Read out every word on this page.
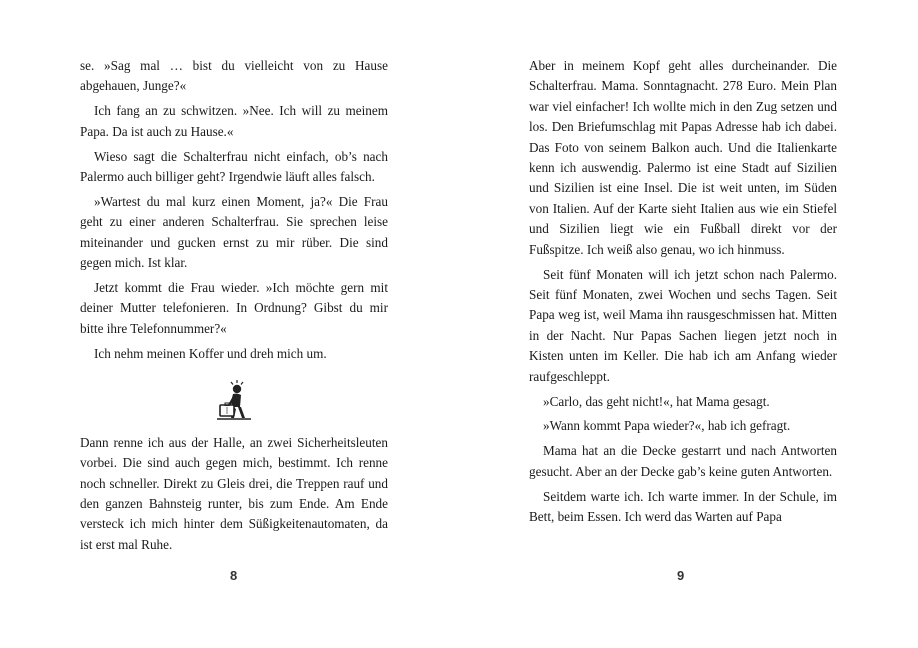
se. »Sag mal … bist du vielleicht von zu Hause abgehauen, Junge?«

Ich fang an zu schwitzen. »Nee. Ich will zu meinem Papa. Da ist auch zu Hause.«

Wieso sagt die Schalterfrau nicht einfach, ob’s nach Palermo auch billiger geht? Irgendwie läuft alles falsch.

»Wartest du mal kurz einen Moment, ja?« Die Frau geht zu einer anderen Schalterfrau. Sie sprechen leise miteinander und gucken ernst zu mir rüber. Die sind gegen mich. Ist klar.

Jetzt kommt die Frau wieder. »Ich möchte gern mit deiner Mutter telefonieren. In Ordnung? Gibst du mir bitte ihre Telefonnummer?«

Ich nehm meinen Koffer und dreh mich um.

Dann renne ich aus der Halle, an zwei Sicherheitsleuten vorbei. Die sind auch gegen mich, bestimmt. Ich renne noch schneller. Direkt zu Gleis drei, die Treppen rauf und den ganzen Bahnsteig runter, bis zum Ende. Am Ende versteck ich mich hinter dem Süßigkeitenautomaten, da ist erst mal Ruhe.

Aber in meinem Kopf geht alles durcheinander. Die Schalterfrau. Mama. Sonntagnacht. 278 Euro. Mein Plan war viel einfacher! Ich wollte mich in den Zug setzen und los. Den Briefumschlag mit Papas Adresse hab ich dabei. Das Foto von seinem Balkon auch. Und die Italienkarte kenn ich auswendig. Palermo ist eine Stadt auf Sizilien und Sizilien ist eine Insel. Die ist weit unten, im Süden von Italien. Auf der Karte sieht Italien aus wie ein Stiefel und Sizilien liegt wie ein Fußball direkt vor der Fußspitze. Ich weiß also genau, wo ich hinmuss.

Seit fünf Monaten will ich jetzt schon nach Palermo. Seit fünf Monaten, zwei Wochen und sechs Tagen. Seit Papa weg ist, weil Mama ihn rausgeschmissen hat. Mitten in der Nacht. Nur Papas Sachen liegen jetzt noch in Kisten unten im Keller. Die hab ich am Anfang wieder raufgeschleppt.

»Carlo, das geht nicht!«, hat Mama gesagt.

»Wann kommt Papa wieder?«, hab ich gefragt.

Mama hat an die Decke gestarrt und nach Antworten gesucht. Aber an der Decke gab’s keine guten Antworten.

Seitdem warte ich. Ich warte immer. In der Schule, im Bett, beim Essen. Ich werd das Warten auf Papa

8	9
